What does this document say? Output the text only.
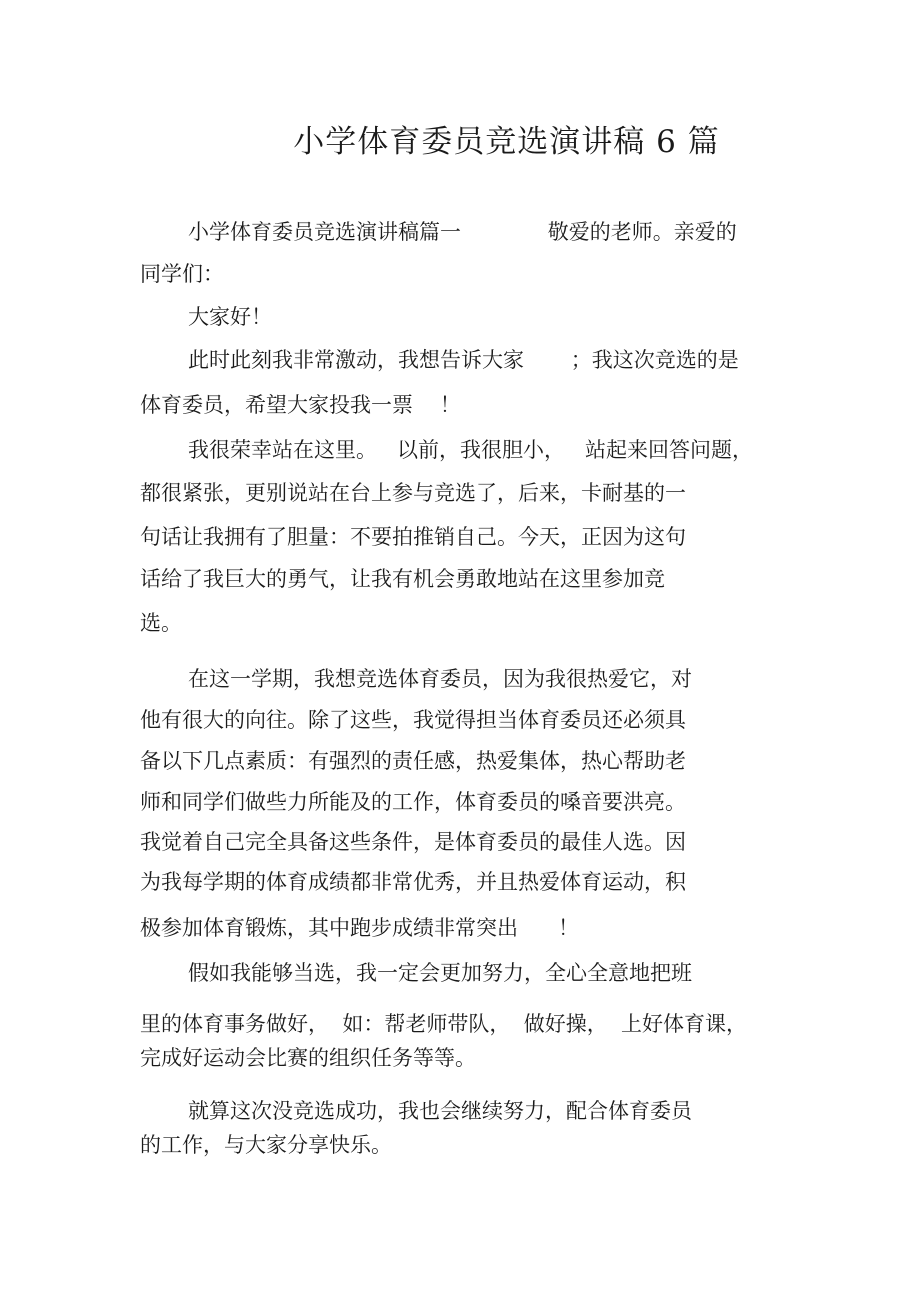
小学体育委员竞选演讲稿 6 篇
小学体育委员竞选演讲稿篇一             敬爱的老师。亲爱的
同学们：
大家好！
此时此刻我非常激动，我想告诉大家       ；我这次竞选的是
体育委员，希望大家投我一票    ！
我很荣幸站在这里。   以前，我很胆小，   站起来回答问题，
都很紧张，更别说站在台上参与竞选了，后来，卡耐基的一
句话让我拥有了胆量：不要拍推销自己。今天，正因为这句
话给了我巨大的勇气，让我有机会勇敢地站在这里参加竞
选。
在这一学期，我想竞选体育委员，因为我很热爱它，对
他有很大的向往。除了这些，我觉得担当体育委员还必须具
备以下几点素质：有强烈的责任感，热爱集体，热心帮助老
师和同学们做些力所能及的工作，体育委员的嗓音要洪亮。
我觉着自己完全具备这些条件，是体育委员的最佳人选。因
为我每学期的体育成绩都非常优秀，并且热爱体育运动，积
极参加体育锻炼，其中跑步成绩非常突出      ！
假如我能够当选，我一定会更加努力，全心全意地把班
里的体育事务做好，  如：帮老师带队，  做好操，  上好体育课，
完成好运动会比赛的组织任务等等。
就算这次没竞选成功，我也会继续努力，配合体育委员
的工作，与大家分享快乐。
